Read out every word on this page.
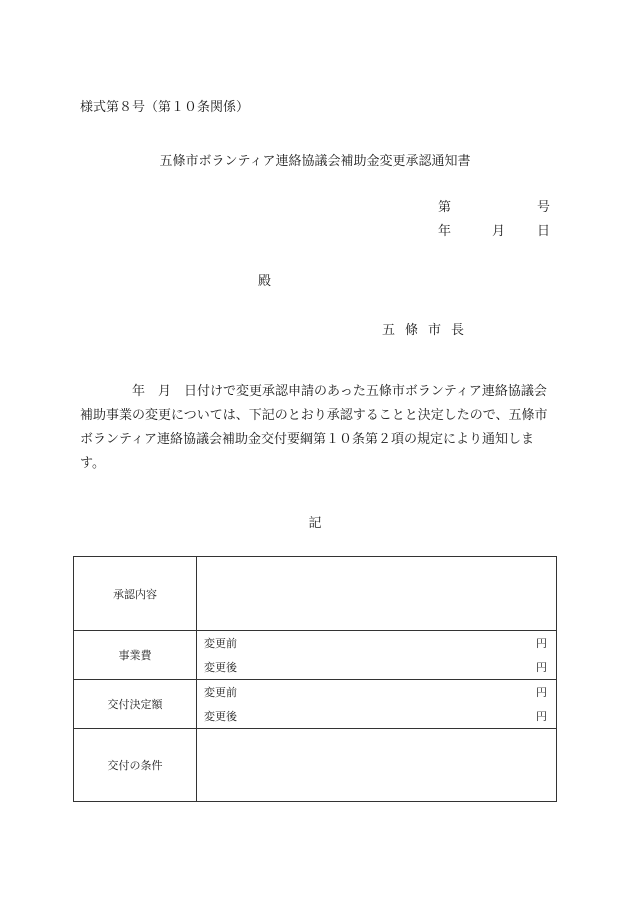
様式第８号（第１０条関係）
五條市ボランティア連絡協議会補助金変更承認通知書
第	号
年	月 日
殿
五 條 市 長
　　　　年　月　日付けで変更承認申請のあった五條市ボランティア連絡協議会補助事業の変更については、下記のとおり承認することと決定したので、五條市ボランティア連絡協議会補助金交付要綱第１０条第２項の規定により通知します。
記
承認内容	
事業費	変更前 円
変更後 円

交付決定額	変更前 円
変更後 円

交付の条件	
